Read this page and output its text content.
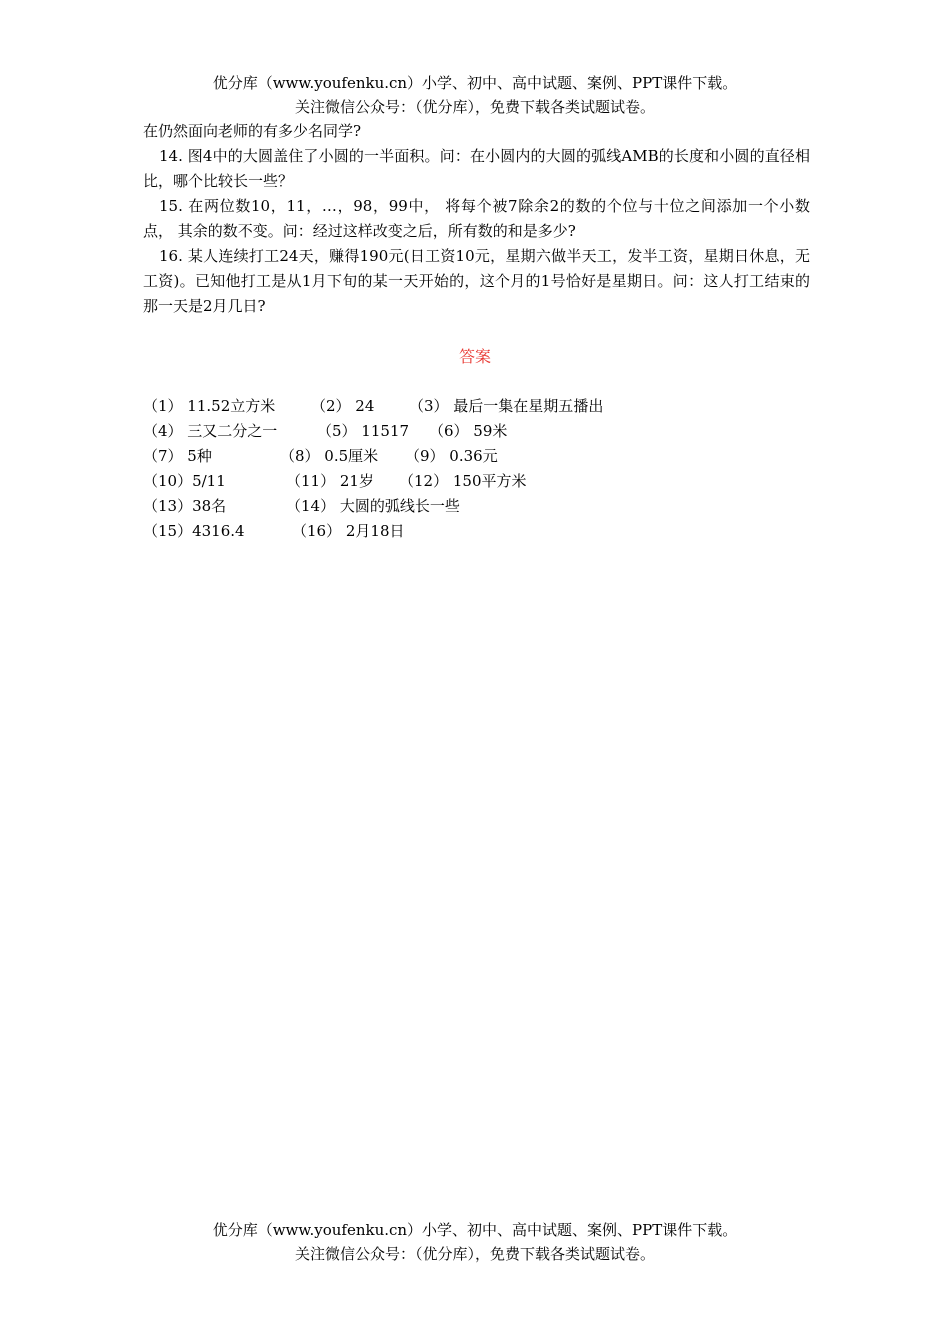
优分库（www.youfenku.cn）小学、初中、高中试题、案例、PPT课件下载。
关注微信公众号：（优分库），免费下载各类试题试卷。

在仍然面向老师的有多少名同学?

14. 图4中的大圆盖住了小圆的一半面积。问：在小圆内的大圆的弧线AMB的长度和小圆的直径相比，哪个比较长一些？

15. 在两位数10，11，…，98，99中， 将每个被7除余2的数的个位与十位之间添加一个小数点， 其余的数不变。问：经过这样改变之后，所有数的和是多少?

16. 某人连续打工24天，赚得190元(日工资10元，星期六做半天工，发半工资，星期日休息，无工资)。已知他打工是从1月下旬的某一天开始的，这个月的1号恰好是星期日。问：这人打工结束的那一天是2月几日?

答案
（1） 11.52立方米 （2） 24 （3） 最后一集在星期五播出
（4） 三又二分之一	（5） 11517 （6） 59米
（7） 5种	（8） 0.5厘米 （9） 0.36元
（10）5/11	（11） 21岁 （12） 150平方米
（13）38名	（14） 大圆的弧线长一些
（15）4316.4	（16） 2月18日
优分库（www.youfenku.cn）小学、初中、高中试题、案例、PPT课件下载。
关注微信公众号：（优分库），免费下载各类试题试卷。
